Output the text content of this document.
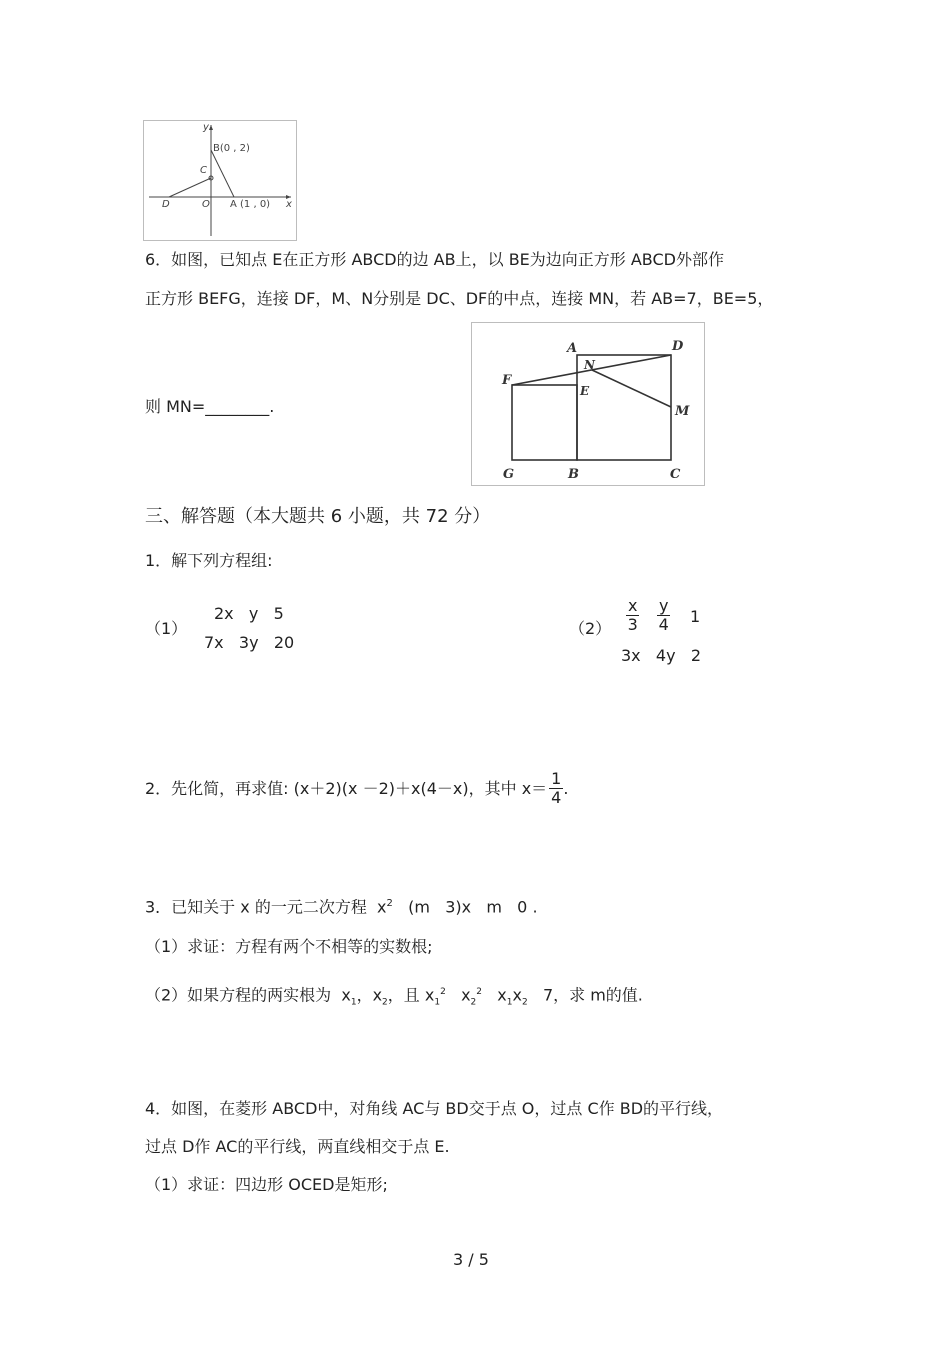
y
x
B(0 , 2)
C
D	O A (1 , 0)
6．如图，已知点 E在正方形 ABCD的边 AB上，以 BE为边向正方形 ABCD外部作
正方形 BEFG，连接 DF，M、N分别是 DC、DF的中点，连接 MN，若 AB=7，BE=5，
则 MN=________.
A	D
N
F
E
M
G	B	C
三、解答题（本大题共 6 小题，共 72 分）
1．解下列方程组:
（1）
2x   y   5
7x   3y   20
$(2) \frac{x}{3} \frac{y}{4} 1$
3x   4y   2
2．先化简，再求值: (x＋2)(x －2)＋x(4－x)，其中 $x= \frac{1}{4}$ .
3．已知关于 x 的一元二次方程  $x^2$   (m   3)x   m   0 .
（1）求证：方程有两个不相等的实数根;
（2）如果方程的两实根为  $x_1$，$x_2$，且 $x_1^2$   $x_2^2$   $x_1x_2$   7，求 m的值.
4．如图，在菱形 ABCD中，对角线 AC与 BD交于点 O，过点 C作 BD的平行线，
过点 D作 AC的平行线，两直线相交于点 E.
（1）求证：四边形 OCED是矩形;
3 / 5
